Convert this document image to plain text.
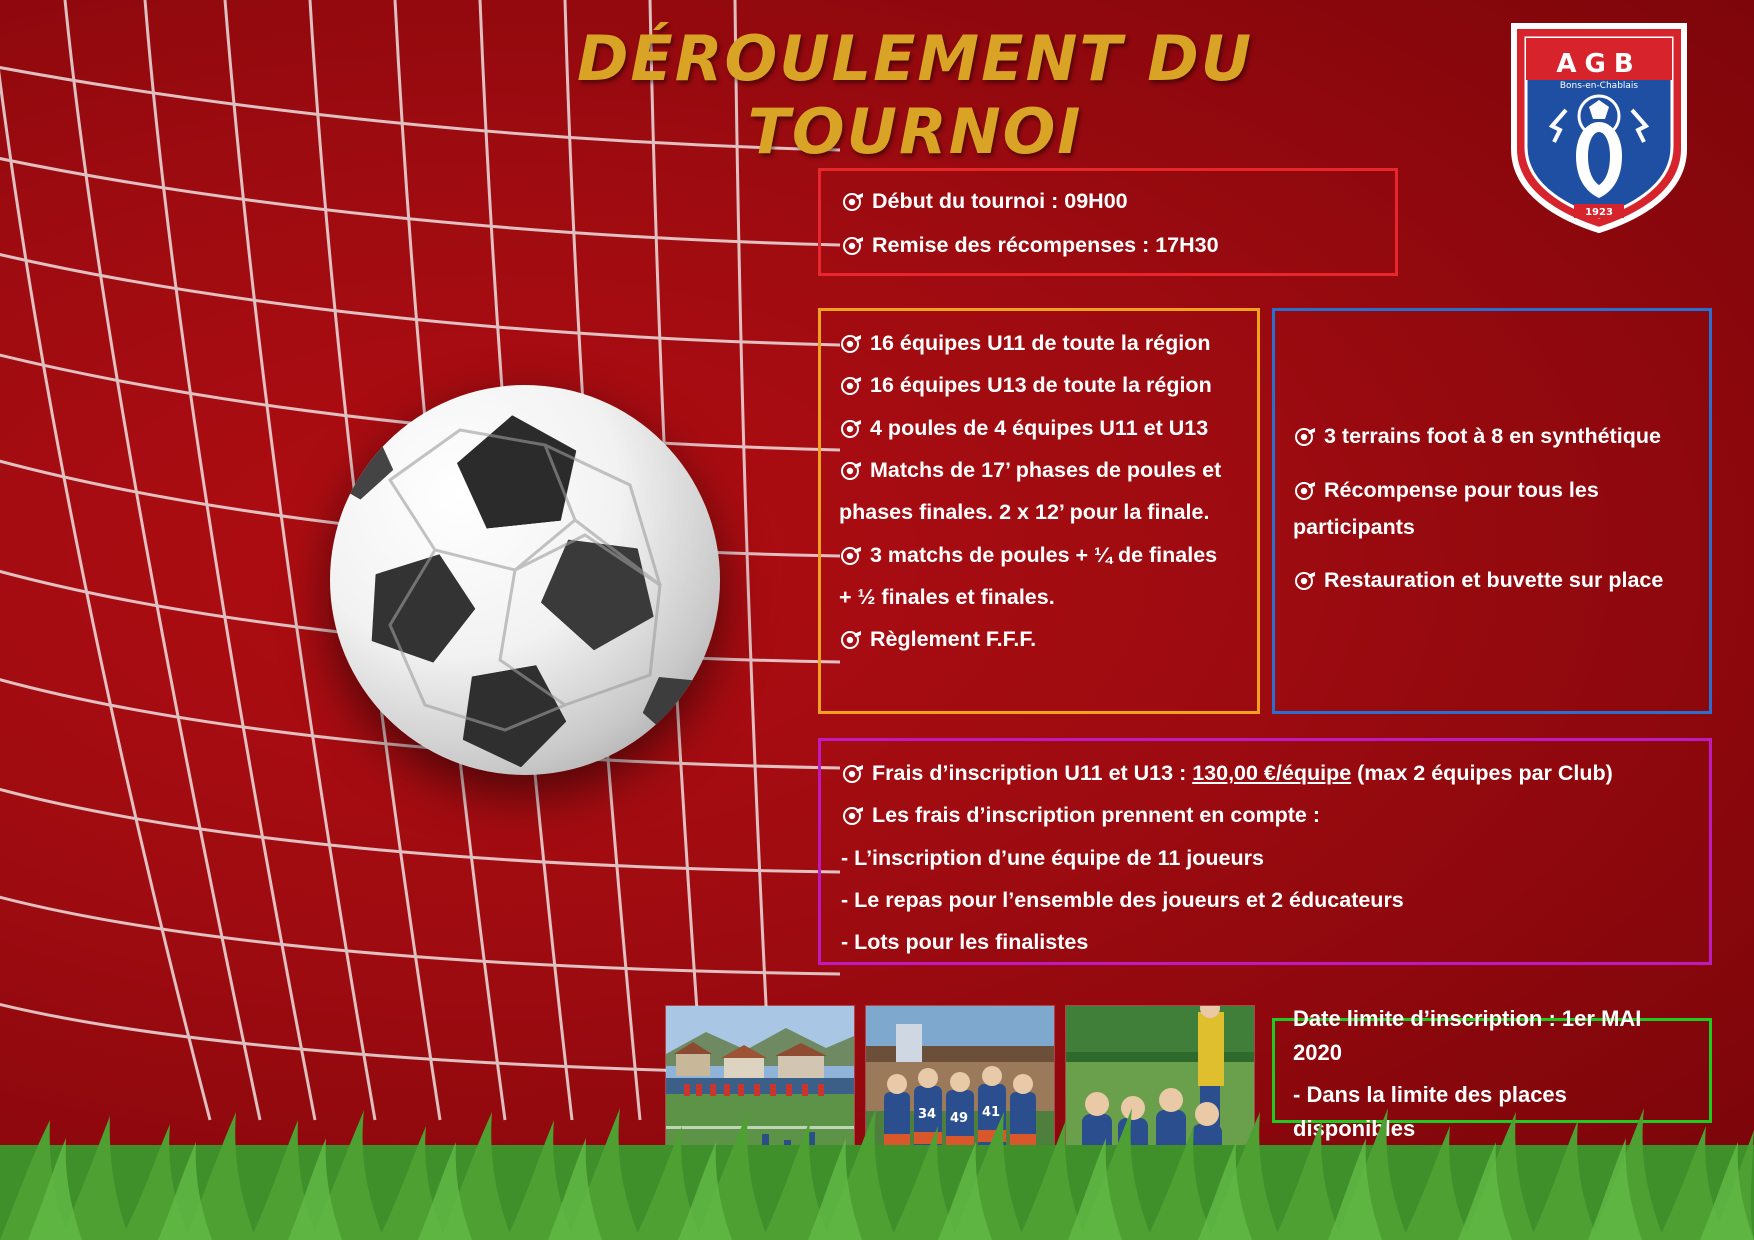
DÉROULEMENT DU TOURNOI
AGB
Bons-en-Chablais
1923
Début du tournoi : 09H00
Remise des récompenses : 17H30
16 équipes U11 de toute la région
16 équipes U13 de toute la région
4 poules de 4 équipes U11 et U13
Matchs de 17’ phases de poules et
phases finales. 2 x 12’ pour la finale.
3 matchs de poules + ¼ de finales
+ ½ finales et finales.
Règlement F.F.F.
3 terrains foot à 8 en synthétique
Récompense pour tous les
participants
Restauration et buvette sur place
Frais d’inscription U11 et U13 : 130,00 €/équipe (max 2 équipes par Club)
Les frais d’inscription prennent en compte :
- L’inscription d’une équipe de 11 joueurs
- Le repas pour l’ensemble des joueurs et 2 éducateurs
- Lots pour les finalistes
Date limite d’inscription : 1er MAI 2020
- Dans la limite des places disponibles
34 49 41
